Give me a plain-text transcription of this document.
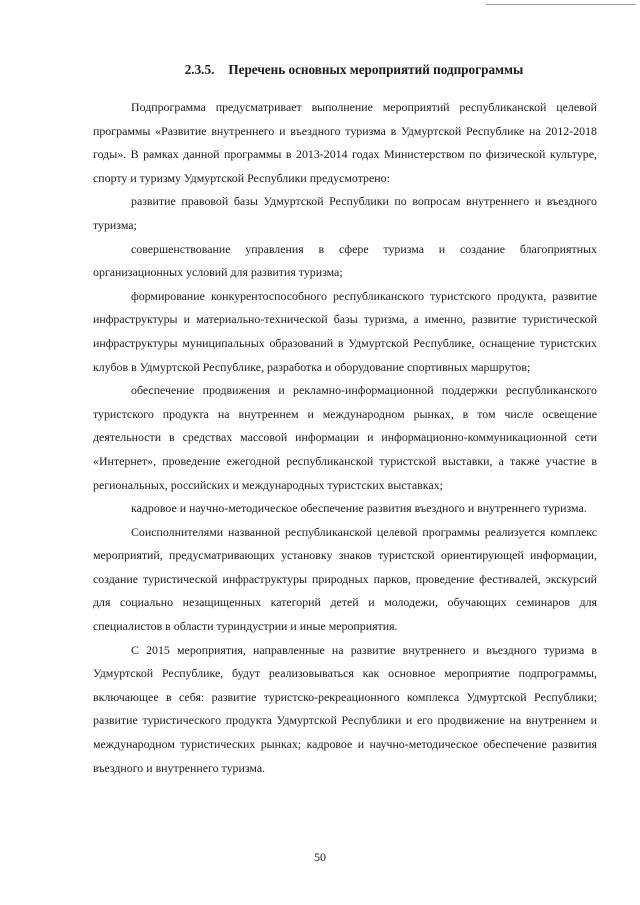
2.3.5. Перечень основных мероприятий подпрограммы

Подпрограмма предусматривает выполнение мероприятий республиканской целевой программы «Развитие внутреннего и въездного туризма в Удмуртской Республике на 2012-2018 годы». В рамках данной программы в 2013-2014 годах Министерством по физической культуре, спорту и туризму Удмуртской Республики предусмотрено:

развитие правовой базы Удмуртской Республики по вопросам внутреннего и въездного туризма;

совершенствование управления в сфере туризма и создание благоприятных организационных условий для развития туризма;

формирование конкурентоспособного республиканского туристского продукта, развитие инфраструктуры и материально-технической базы туризма, а именно, развитие туристической инфраструктуры муниципальных образований в Удмуртской Республике, оснащение туристских клубов в Удмуртской Республике, разработка и оборудование спортивных маршрутов;

обеспечение продвижения и рекламно-информационной поддержки республиканского туристского продукта на внутреннем и международном рынках, в том числе освещение деятельности в средствах массовой информации и информационно-коммуникационной сети «Интернет», проведение ежегодной республиканской туристской выставки, а также участие в региональных, российских и международных туристских выставках;

кадровое и научно-методическое обеспечение развития въездного и внутреннего туризма.

Соисполнителями названной республиканской целевой программы реализуется комплекс мероприятий, предусматривающих установку знаков туристской ориентирующей информации, создание туристической инфраструктуры природных парков, проведение фестивалей, экскурсий для социально незащищенных категорий детей и молодежи, обучающих семинаров для специалистов в области туриндустрии и иные мероприятия.

С 2015 мероприятия, направленные на развитие внутреннего и въездного туризма в Удмуртской Республике, будут реализовываться как основное мероприятие подпрограммы, включающее в себя: развитие туристско-рекреационного комплекса Удмуртской Республики; развитие туристического продукта Удмуртской Республики и его продвижение на внутреннем и международном туристических рынках; кадровое и научно-методическое обеспечение развития въездного и внутреннего туризма.

50
